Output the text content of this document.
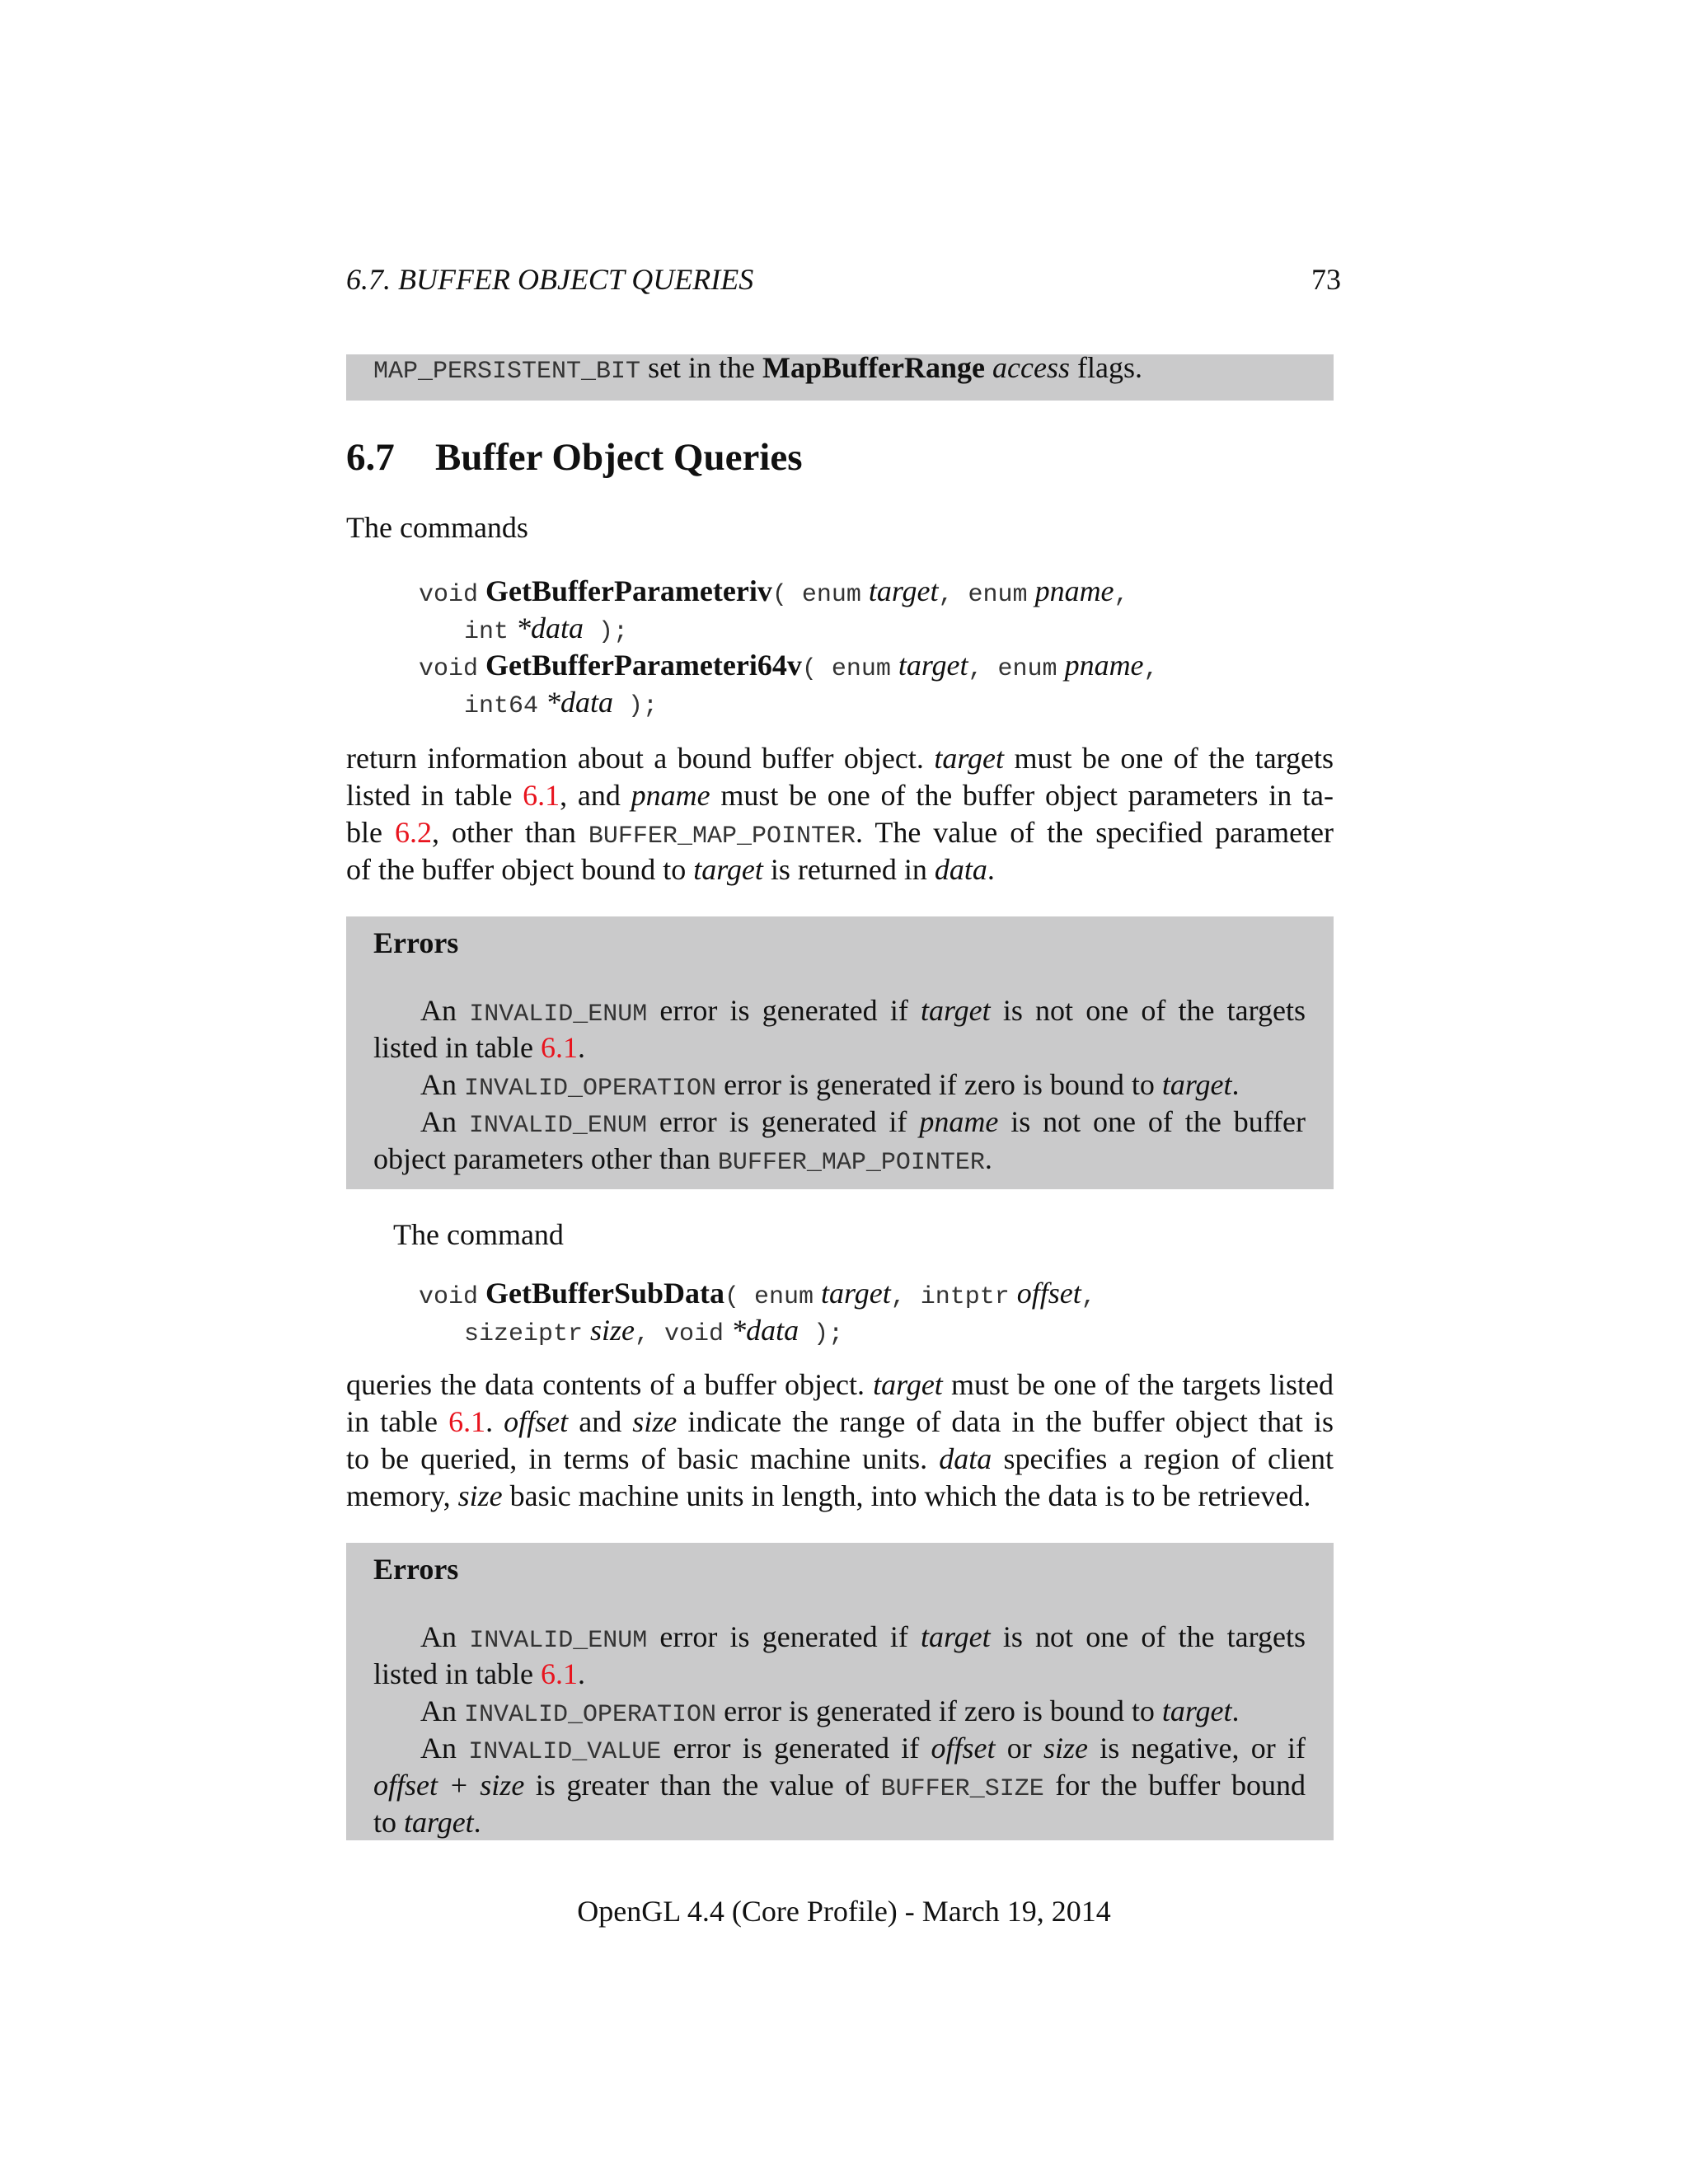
6.7. BUFFER OBJECT QUERIES	73
MAP_PERSISTENT_BIT set in the MapBufferRange access flags.
6.7 Buffer Object Queries
The commands
void GetBufferParameteriv( enum target, enum pname,
int *data );
void GetBufferParameteri64v( enum target, enum pname,
int64 *data );
return information about a bound buffer object. target must be one of the targets
listed in table 6.1, and pname must be one of the buffer object parameters in ta-
ble 6.2, other than BUFFER_MAP_POINTER. The value of the specified parameter
of the buffer object bound to target is returned in data.
Errors
An INVALID_ENUM error is generated if target is not one of the targets
listed in table 6.1.
An INVALID_OPERATION error is generated if zero is bound to target.
An INVALID_ENUM error is generated if pname is not one of the buffer
object parameters other than BUFFER_MAP_POINTER.
The command
void GetBufferSubData( enum target, intptr offset,
sizeiptr size, void *data );
queries the data contents of a buffer object. target must be one of the targets listed
in table 6.1. offset and size indicate the range of data in the buffer object that is
to be queried, in terms of basic machine units. data specifies a region of client
memory, size basic machine units in length, into which the data is to be retrieved.
Errors
An INVALID_ENUM error is generated if target is not one of the targets
listed in table 6.1.
An INVALID_OPERATION error is generated if zero is bound to target.
An INVALID_VALUE error is generated if offset or size is negative, or if
offset + size is greater than the value of BUFFER_SIZE for the buffer bound
to target.
OpenGL 4.4 (Core Profile) - March 19, 2014
